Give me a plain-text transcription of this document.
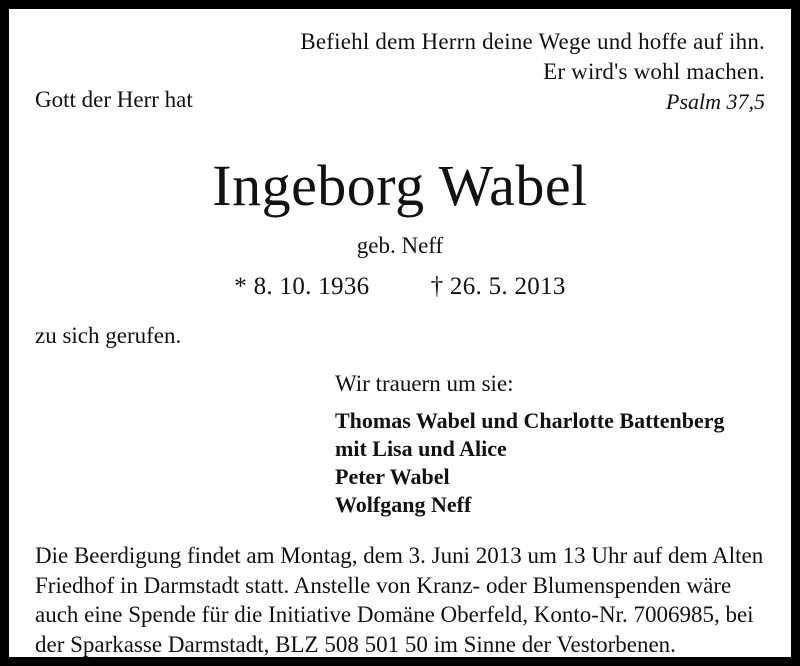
Befiehl dem Herrn deine Wege und hoffe auf ihn.
Er wird's wohl machen.
Psalm 37,5
Gott der Herr hat
Ingeborg Wabel
geb. Neff
* 8. 10. 1936 † 26. 5. 2013
zu sich gerufen.
Wir trauern um sie:
Thomas Wabel und Charlotte Battenberg
mit Lisa und Alice
Peter Wabel
Wolfgang Neff
Die Beerdigung findet am Montag, dem 3. Juni 2013 um 13 Uhr auf dem Alten Friedhof in Darmstadt statt. Anstelle von Kranz- oder Blumenspenden wäre auch eine Spende für die Initiative Domäne Oberfeld, Konto-Nr. 7006985, bei der Sparkasse Darmstadt, BLZ 508 501 50 im Sinne der Vestorbenen.
